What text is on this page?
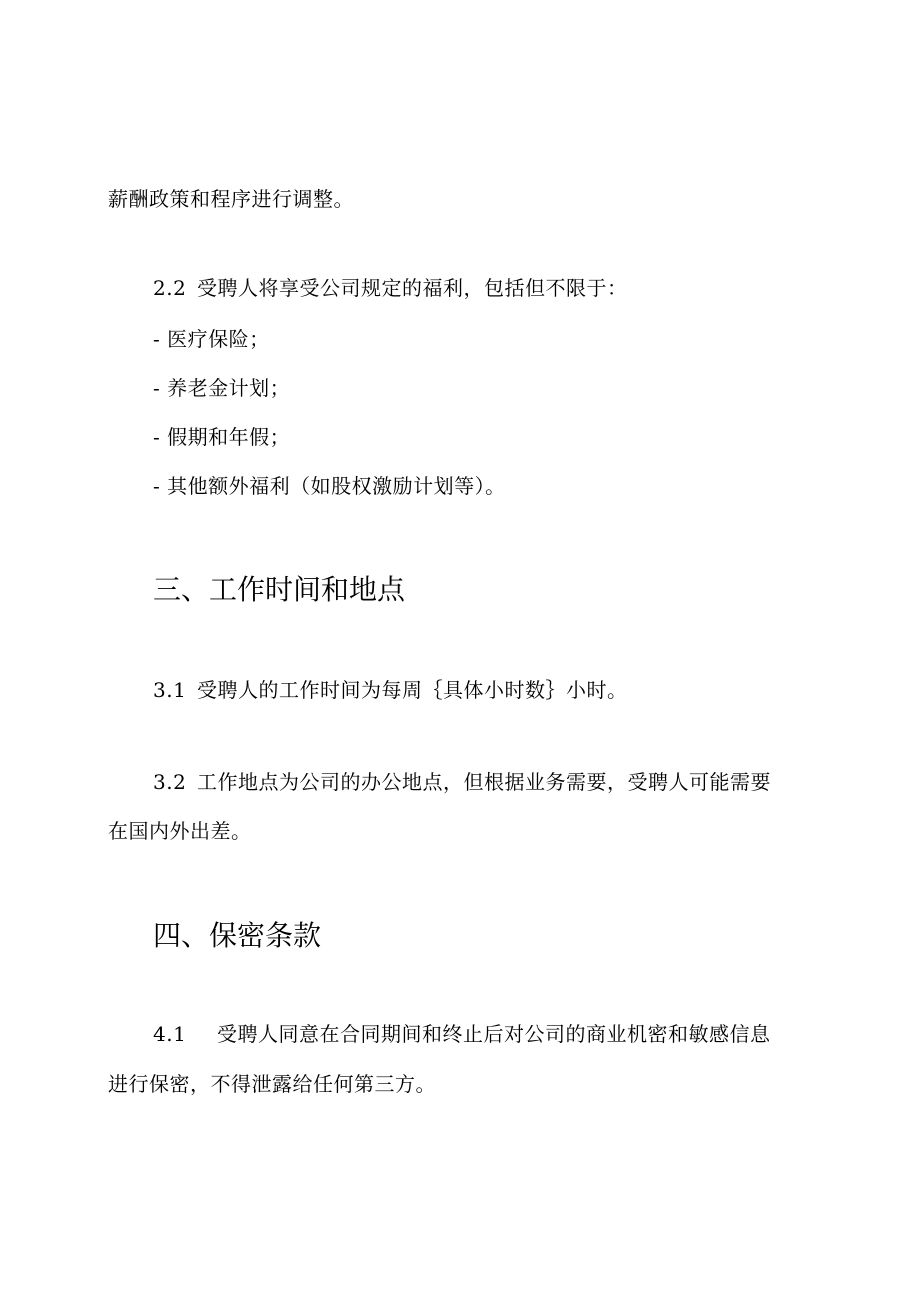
薪酬政策和程序进行调整。
2.2 受聘人将享受公司规定的福利，包括但不限于：
- 医疗保险；
- 养老金计划；
- 假期和年假；
- 其他额外福利（如股权激励计划等）。
三、工作时间和地点
3.1 受聘人的工作时间为每周｛具体小时数｝小时。
3.2 工作地点为公司的办公地点，但根据业务需要，受聘人可能需要
在国内外出差。
四、保密条款
4.1 受聘人同意在合同期间和终止后对公司的商业机密和敏感信息
进行保密，不得泄露给任何第三方。
